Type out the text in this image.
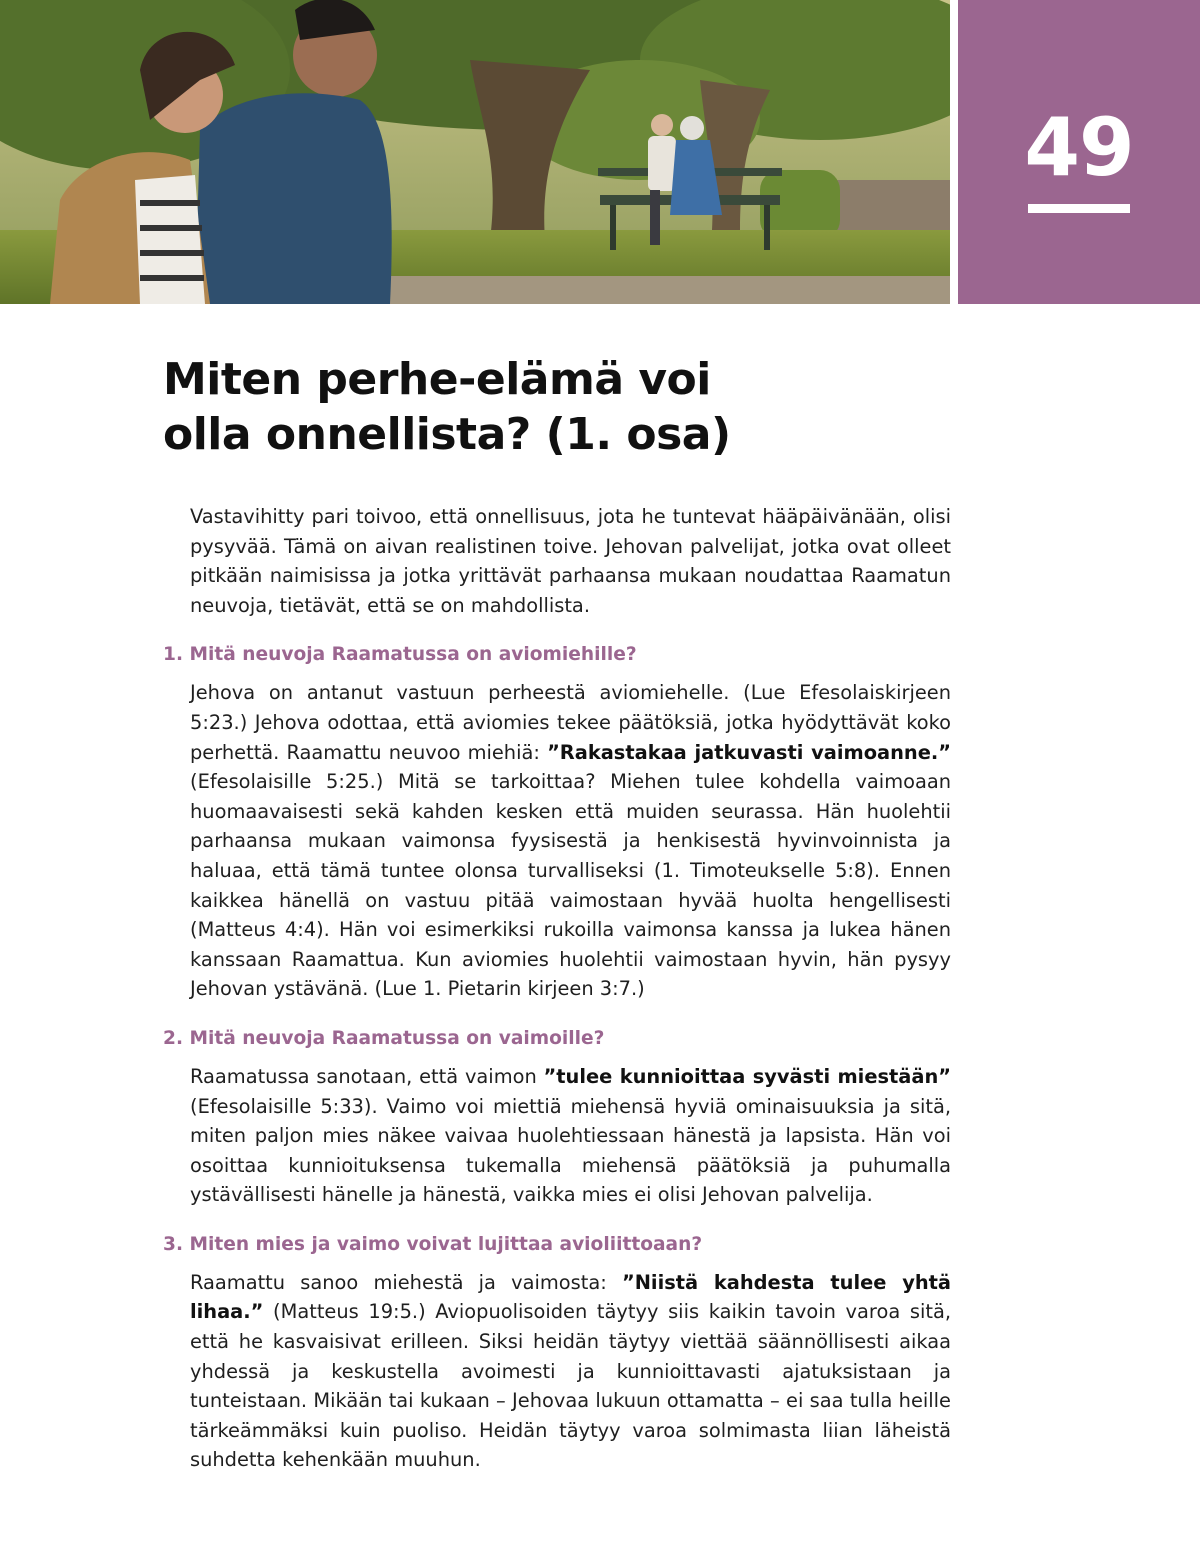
49
Miten perhe-elämä voi
olla onnellista? (1. osa)

Vastavihitty pari toivoo, että onnellisuus, jota he tuntevat hääpäivänään, olisi pysyvää. Tämä on aivan realistinen toive. Jehovan palvelijat, jotka ovat olleet pitkään naimisissa ja jotka yrittävät parhaansa mukaan noudattaa Raamatun neuvoja, tietävät, että se on mahdollista.

1. Mitä neuvoja Raamatussa on aviomiehille?

Jehova on antanut vastuun perheestä aviomiehelle. (Lue Efesolaiskirjeen 5:23.) Jehova odottaa, että aviomies tekee päätöksiä, jotka hyödyttävät koko perhettä. Raamattu neuvoo miehiä: ”Rakastakaa jatkuvasti vaimoanne.” (Efesolaisille 5:25.) Mitä se tarkoittaa? Miehen tulee kohdella vaimoaan huomaavaisesti sekä kahden kesken että muiden seurassa. Hän huolehtii parhaansa mukaan vaimonsa fyysisestä ja henkisestä hyvinvoinnista ja haluaa, että tämä tuntee olonsa turvalliseksi (1. Timoteukselle 5:8). Ennen kaikkea hänellä on vastuu pitää vaimostaan hyvää huolta hengellisesti (Matteus 4:4). Hän voi esimerkiksi rukoilla vaimonsa kanssa ja lukea hänen kanssaan Raamattua. Kun aviomies huolehtii vaimostaan hyvin, hän pysyy Jehovan ystävänä. (Lue 1. Pietarin kirjeen 3:7.)

2. Mitä neuvoja Raamatussa on vaimoille?

Raamatussa sanotaan, että vaimon ”tulee kunnioittaa syvästi miestään” (Efesolaisille 5:33). Vaimo voi miettiä miehensä hyviä ominaisuuksia ja sitä, miten paljon mies näkee vaivaa huolehtiessaan hänestä ja lapsista. Hän voi osoittaa kunnioituksensa tukemalla miehensä päätöksiä ja puhumalla ystävällisesti hänelle ja hänestä, vaikka mies ei olisi Jehovan palvelija.

3. Miten mies ja vaimo voivat lujittaa avioliittoaan?

Raamattu sanoo miehestä ja vaimosta: ”Niistä kahdesta tulee yhtä lihaa.” (Matteus 19:5.) Aviopuolisoiden täytyy siis kaikin tavoin varoa sitä, että he kasvaisivat erilleen. Siksi heidän täytyy viettää säännöllisesti aikaa yhdessä ja keskustella avoimesti ja kunnioittavasti ajatuksistaan ja tunteistaan. Mikään tai kukaan – Jehovaa lukuun ottamatta – ei saa tulla heille tärkeämmäksi kuin puoliso. Heidän täytyy varoa solmimasta liian läheistä suhdetta kehenkään muuhun.
